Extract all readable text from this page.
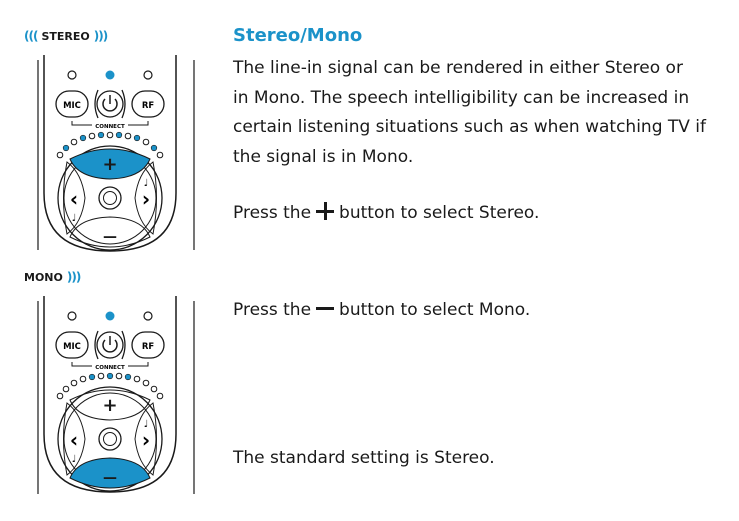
((( STEREO )))
MIC	RF
CONNECT
+
—
‹
♩
♩
›
MONO )))
MIC	RF
CONNECT
+
—
‹
♩
♩
›
Stereo/Mono
The line-in signal can be rendered in either Stereo or
in Mono. The speech intelligibility can be increased in
certain listening situations such as when watching TV if
the signal is in Mono.
Press the button to select Stereo.
Press the button to select Mono.
The standard setting is Stereo.
